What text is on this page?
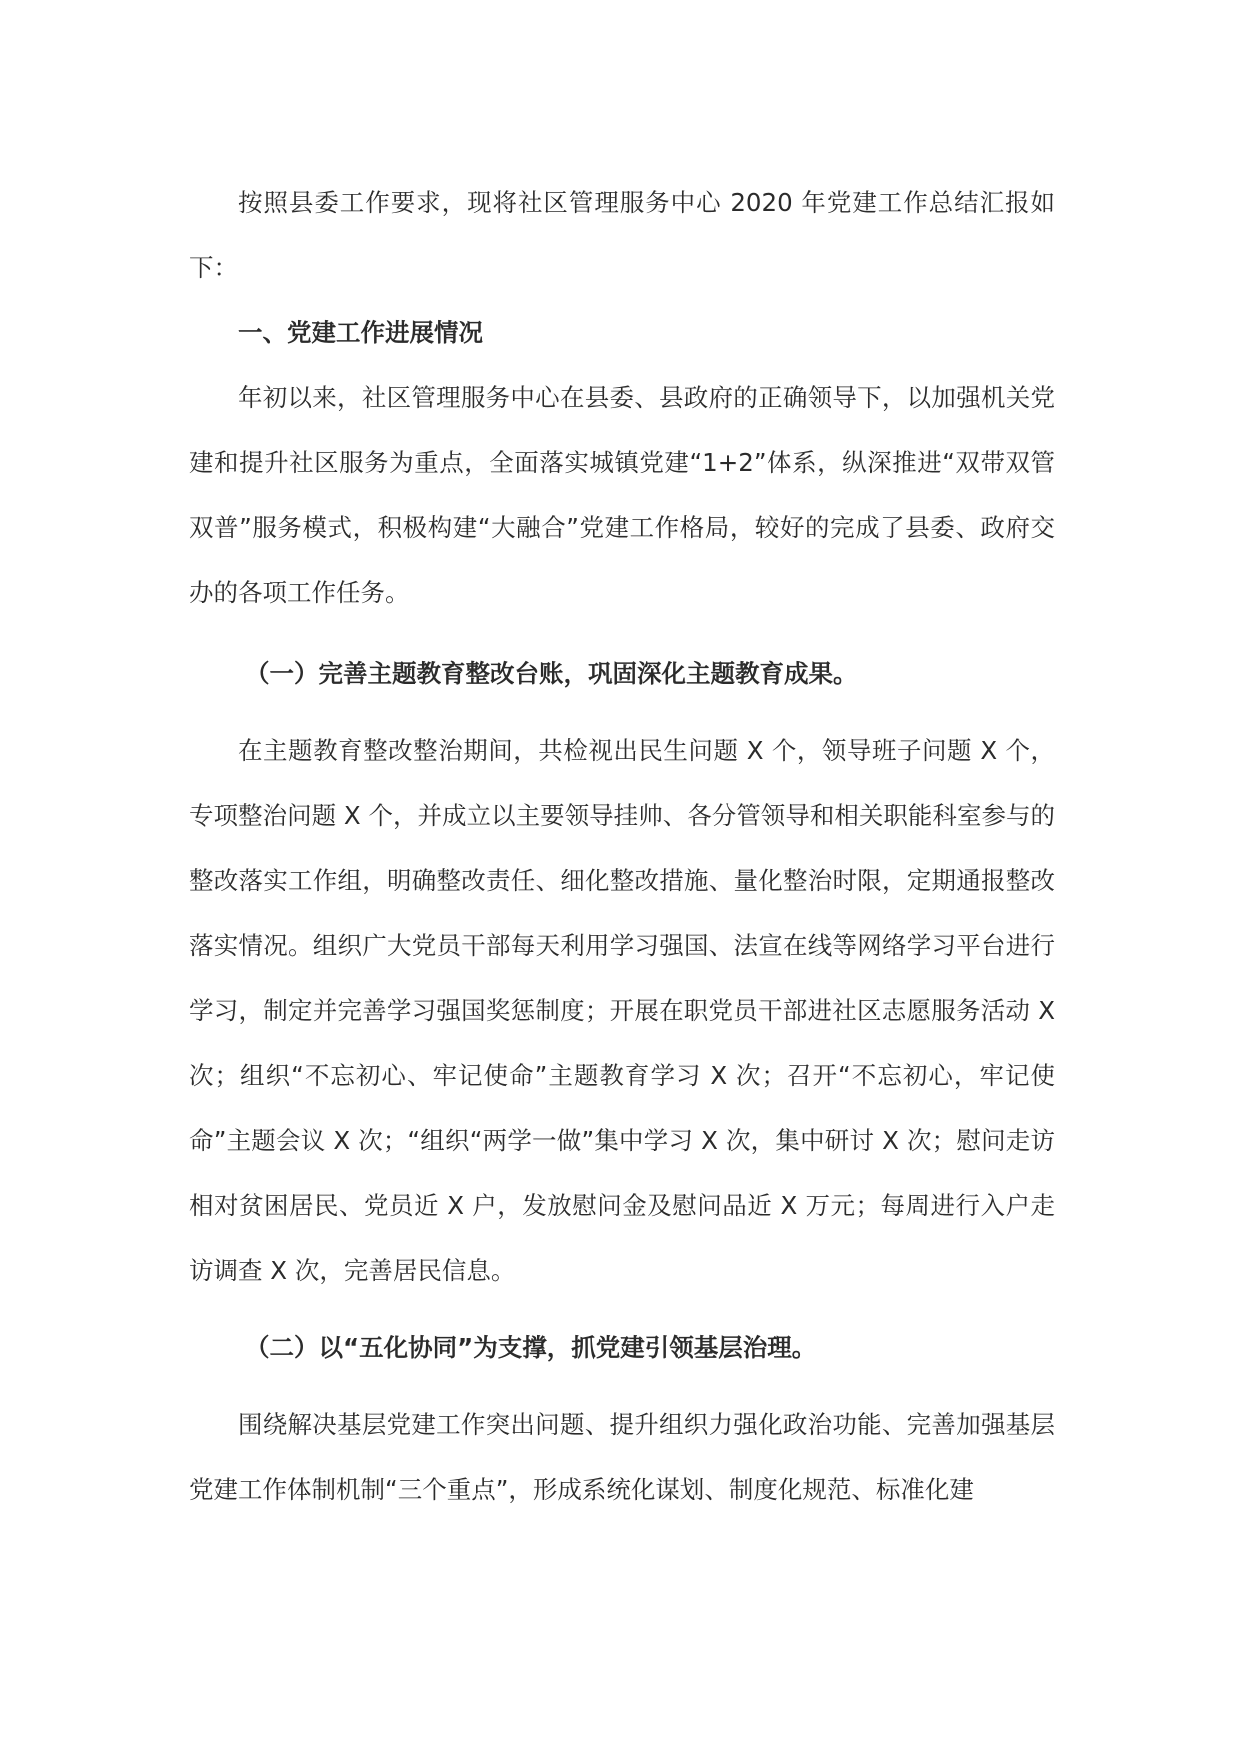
按照县委工作要求，现将社区管理服务中心 2020 年党建工作总结汇报如下：

一、党建工作进展情况

年初以来，社区管理服务中心在县委、县政府的正确领导下，以加强机关党建和提升社区服务为重点，全面落实城镇党建“1+2”体系，纵深推进“双带双管双普”服务模式，积极构建“大融合”党建工作格局，较好的完成了县委、政府交办的各项工作任务。

（一）完善主题教育整改台账，巩固深化主题教育成果。

在主题教育整改整治期间，共检视出民生问题 X 个，领导班子问题 X 个，专项整治问题 X 个，并成立以主要领导挂帅、各分管领导和相关职能科室参与的整改落实工作组，明确整改责任、细化整改措施、量化整治时限，定期通报整改落实情况。组织广大党员干部每天利用学习强国、法宣在线等网络学习平台进行学习，制定并完善学习强国奖惩制度；开展在职党员干部进社区志愿服务活动 X 次；组织“不忘初心、牢记使命”主题教育学习 X 次；召开“不忘初心，牢记使命”主题会议 X 次；“组织“两学一做”集中学习 X 次，集中研讨 X 次；慰问走访相对贫困居民、党员近 X 户，发放慰问金及慰问品近 X 万元；每周进行入户走访调查 X 次，完善居民信息。

（二）以“五化协同”为支撑，抓党建引领基层治理。

围绕解决基层党建工作突出问题、提升组织力强化政治功能、完善加强基层党建工作体制机制“三个重点”，形成系统化谋划、制度化规范、标准化建
